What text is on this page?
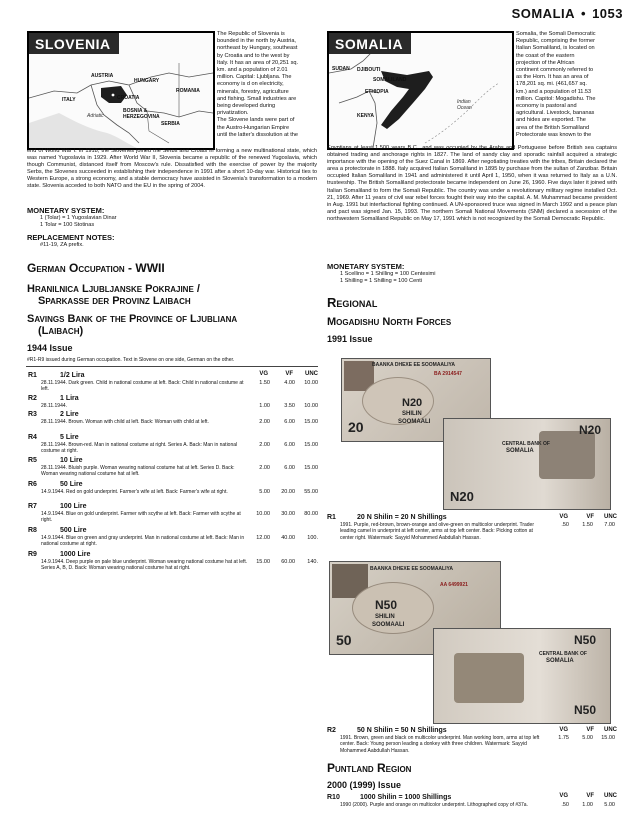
SOMALIA • 1053
SLOVENIA
AUSTRIA
HUNGARY
ITALY	CROATIA
ROMANIA
BOSNIA &
HERZEGOVINA
SERBIA
Adriatic
The Republic of Slovenia is
bounded in the north by Austria,
northeast by Hungary, southeast
by Croatia and to the west by
Italy. It has an area of 20,251 sq.
km. and a population of 2.01
million. Capital: Ljubljana. The
economy is d on electricity,
minerals, forestry, agriculture
and fishing. Small industries are
being developed during
privatization.
The Slovene lands were part of
the Austro-Hungarian Empire
until the latter's dissolution at the
end of World War I. In 1918, the Slovenes joined the Serbs and Croats in forming a new multinational state, which was named Yugoslavia in 1929. After World War II, Slovenia became a republic of the renewed Yugoslavia, which though Communist, distanced itself from Moscow's rule. Dissatisfied with the exercise of power by the majority Serbs, the Slovenes succeeded in establishing their independence in 1991 after a short 10-day war. Historical ties to Western Europe, a strong economy, and a stable democracy have assisted in Slovenia's transformation to a modern state. Slovenia acceded to both NATO and the EU in the spring of 2004.
MONETARY SYSTEM:
1 (Tolar) = 1 Yugoslavian Dinar
1 Tolar = 100 Stotinas
REPLACEMENT NOTES:
#11-19, ZA prefix.
German Occupation - WWII
Hranilnica Ljubljanske Pokrajine /
Sparkasse der Provinz Laibach
Savings Bank of the Province of Ljubliana
(Laibach)
1944 Issue
#R1-R9 issued during German occupation. Text in Slovene on one side, German on the other.
VG	VF	UNC
R1	1/2 Lira
28.11.1944. Dark green. Child in national costume at left. Back: Child in national costume at left.
1.50	4.00	10.00
R2	1 Lira
28.11.1944.	1.00	3.50	10.00
R3	2 Lire
28.11.1944. Brown. Woman with child at left. Back: Woman with child at left.	2.00	6.00	15.00
R4	5 Lire
28.11.1944. Brown-red. Man in national costume at right. Series A. Back: Man in national costume at right.
2.00	6.00	15.00
R5	10 Lire
28.11.1944. Bluish purple. Woman wearing national costume hat at left. Series D. Back: Woman wearing national costume hat at left.
2.00	6.00	15.00
R6	50 Lire
14.9.1944. Red on gold underprint. Farmer's wife at left. Back: Farmer's wife at right.	5.00	20.00	55.00
R7	100 Lire
14.9.1944. Blue on gold underprint. Farmer with scythe at left. Back: Farmer with scythe at right.
10.00	30.00	80.00
R8	500 Lire
14.9.1944. Blue on green and gray underprint. Man in national costume at left. Back: Man in national costume at right.
12.00	40.00	100.
R9	1000 Lire
14.9.1944. Deep purple on pale blue underprint. Woman wearing national costume hat at left. Series A, B, D. Back: Woman wearing national costume hat at right.
15.00	60.00	140.
SOMALIA
SUDAN DJIBOUTI
SOMALILAND
ETHIOPIA
KENYA
Indian
Ocean
Somalia, the Somali Democratic
Republic, comprising the former
Italian Somaliland, is located on
the coast of the eastern
projection of the African
continent commonly referred to
as the Horn. It has an area of
178,201 sq. mi. (461,657 sq.
km.) and a population of 11.53
million. Capitol: Mogadishu. The
economy is pastoral and
agricultural. Livestock, bananas
and hides are exported. The
area of the British Somaliland
Protectorate was known to the
Egyptians at least 1,500 years B.C., and was occupied by the Arabs and Portuguese before British sea captains obtained trading and anchorage rights in 1827. The land of sandy clay and sporadic rainfall acquired a strategic importance with the opening of the Suez Canal in 1869. After negotiating treaties with the tribes, Britain declared the area a protectorate in 1888. Italy acquired Italian Somaliland in 1895 by purchase from the sultan of Zanzibar. Britain occupied Italian Somaliland in 1941 and administered it until April 1, 1950, when it was returned to Italy as a U.N. trusteeship. The British Somaliland protectorate became independent on June 26, 1960. Five days later it joined with Italian Somaliland to form the Somali Republic. The country was under a revolutionary military regime installed Oct. 21, 1969. After 11 years of civil war rebel forces fought their way into the capital. A. M. Muhammad became president in Aug. 1991 but interfactional fighting continued. A UN-sponsored truce was signed in March 1992 and a peace plan and pact was signed Jan. 15, 1993. The northern Somali National Movements (SNM) declared a secession of the northwestern Somaliland Republic on May 17, 1991 which is not recognized by the Somali Democratic Republic.
MONETARY SYSTEM:
1 Scellino = 1 Shilling = 100 Centesimi
1 Shilling = 1 Shilling = 100 Centi
Regional
Mogadishu North Forces
1991 Issue
BAANKA DHEXE EE SOOMAALIYA
BA 2914547
20
N20
SHILIN
SOOMAALI
CENTRAL BANK OF
SOMALIA
N20
N20
VG	VF	UNC
R1	20 N Shilin = 20 N Shillings
1991. Purple, red-brown, brown-orange and olive-green on multicolor underprint. Trader leading camel in underprint at left center, arms at top left center. Back: Picking cotton at center right. Watermark: Sayyid Mohammed Aabdullah Hassan.
.50	1.50	7.00
BAANKA DHEXE EE SOOMAALIYA
AA 6499921
50
N50
SHILIN
SOOMAALI
CENTRAL BANK OF
SOMALIA
N50
N50
VG	VF	UNC
R2	50 N Shilin = 50 N Shillings
1991. Brown, green and black on multicolor underprint. Man working loom, arms at top left center. Back: Young person leading a donkey with three children. Watermark: Sayyid Mohammed Aabdullah Hassan.
1.75	5.00	15.00
Puntland Region
2000 (1999) Issue
VG	VF	UNC
R10	1000 Shilin = 1000 Shillings
1990 (2000). Purple and orange on multicolor underprint. Lithographed copy of #37a.	.50	1.00	5.00
